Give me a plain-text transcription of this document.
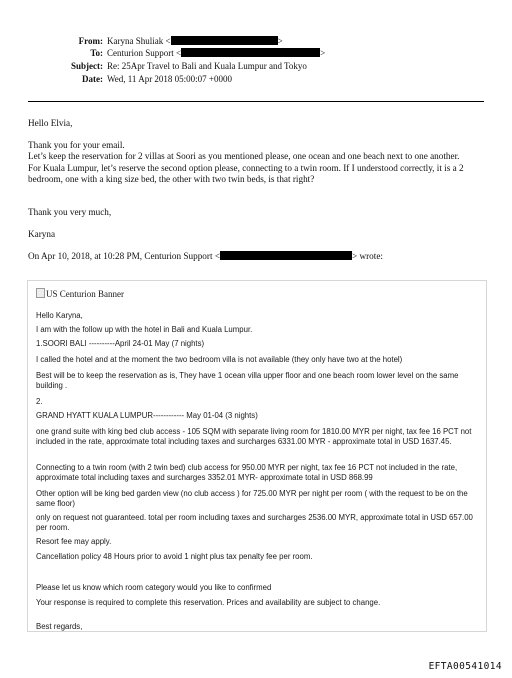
From: Karyna Shuliak <	>
To: Centurion Support <	>
Subject: Re: 25Apr Travel to Bali and Kuala Lumpur and Tokyo
Date: Wed, 11 Apr 2018 05:00:07 +0000

Hello Elvia,

Thank you for your email.

Let’s keep the reservation for 2 villas at Soori as you mentioned please, one ocean and one beach next to one another.

For Kuala Lumpur, let’s reserve the second option please, connecting to a twin room. If I understood correctly, it is a 2 bedroom, one with a king size bed, the other with two twin beds, is that right?

Thank you very much,

Karyna

On Apr 10, 2018, at 10:28 PM, Centurion Support <	> wrote:

US Centurion Banner

Hello Karyna,

I am with the follow up with the hotel in Bali and Kuala Lumpur.

1.SOORI BALI ----------April 24-01 May (7 nights)

I called the hotel and at the moment the two bedroom villa is not available (they only have two at the hotel)

Best will be to keep the reservation as is, They have 1 ocean villa upper floor and one beach room lower level on the same building .

2.

GRAND HYATT KUALA LUMPUR------------ May 01-04 (3 nights)

one grand suite with king bed club access - 105 SQM with separate living room for 1810.00 MYR per night, tax fee 16 PCT not included in the rate, approximate total including taxes and surcharges 6331.00 MYR - approximate total in USD 1637.45.

Connecting to a twin room (with 2 twin bed) club access for 950.00 MYR per night, tax fee 16 PCT not included in the rate, approximate total including taxes and surcharges 3352.01 MYR- approximate total in USD 868.99

Other option will be king bed garden view (no club access ) for 725.00 MYR per night per room ( with the request to be on the same floor)

only on request not guaranteed. total per room including taxes and surcharges 2536.00 MYR, approximate total in USD 657.00 per room.

Resort fee may apply.

Cancellation policy 48 Hours prior to avoid 1 night plus tax penalty fee per room.

Please let us know which room category would you like to confirmed

Your response is required to complete this reservation. Prices and availability are subject to change.

Best regards,

EFTA00541014
